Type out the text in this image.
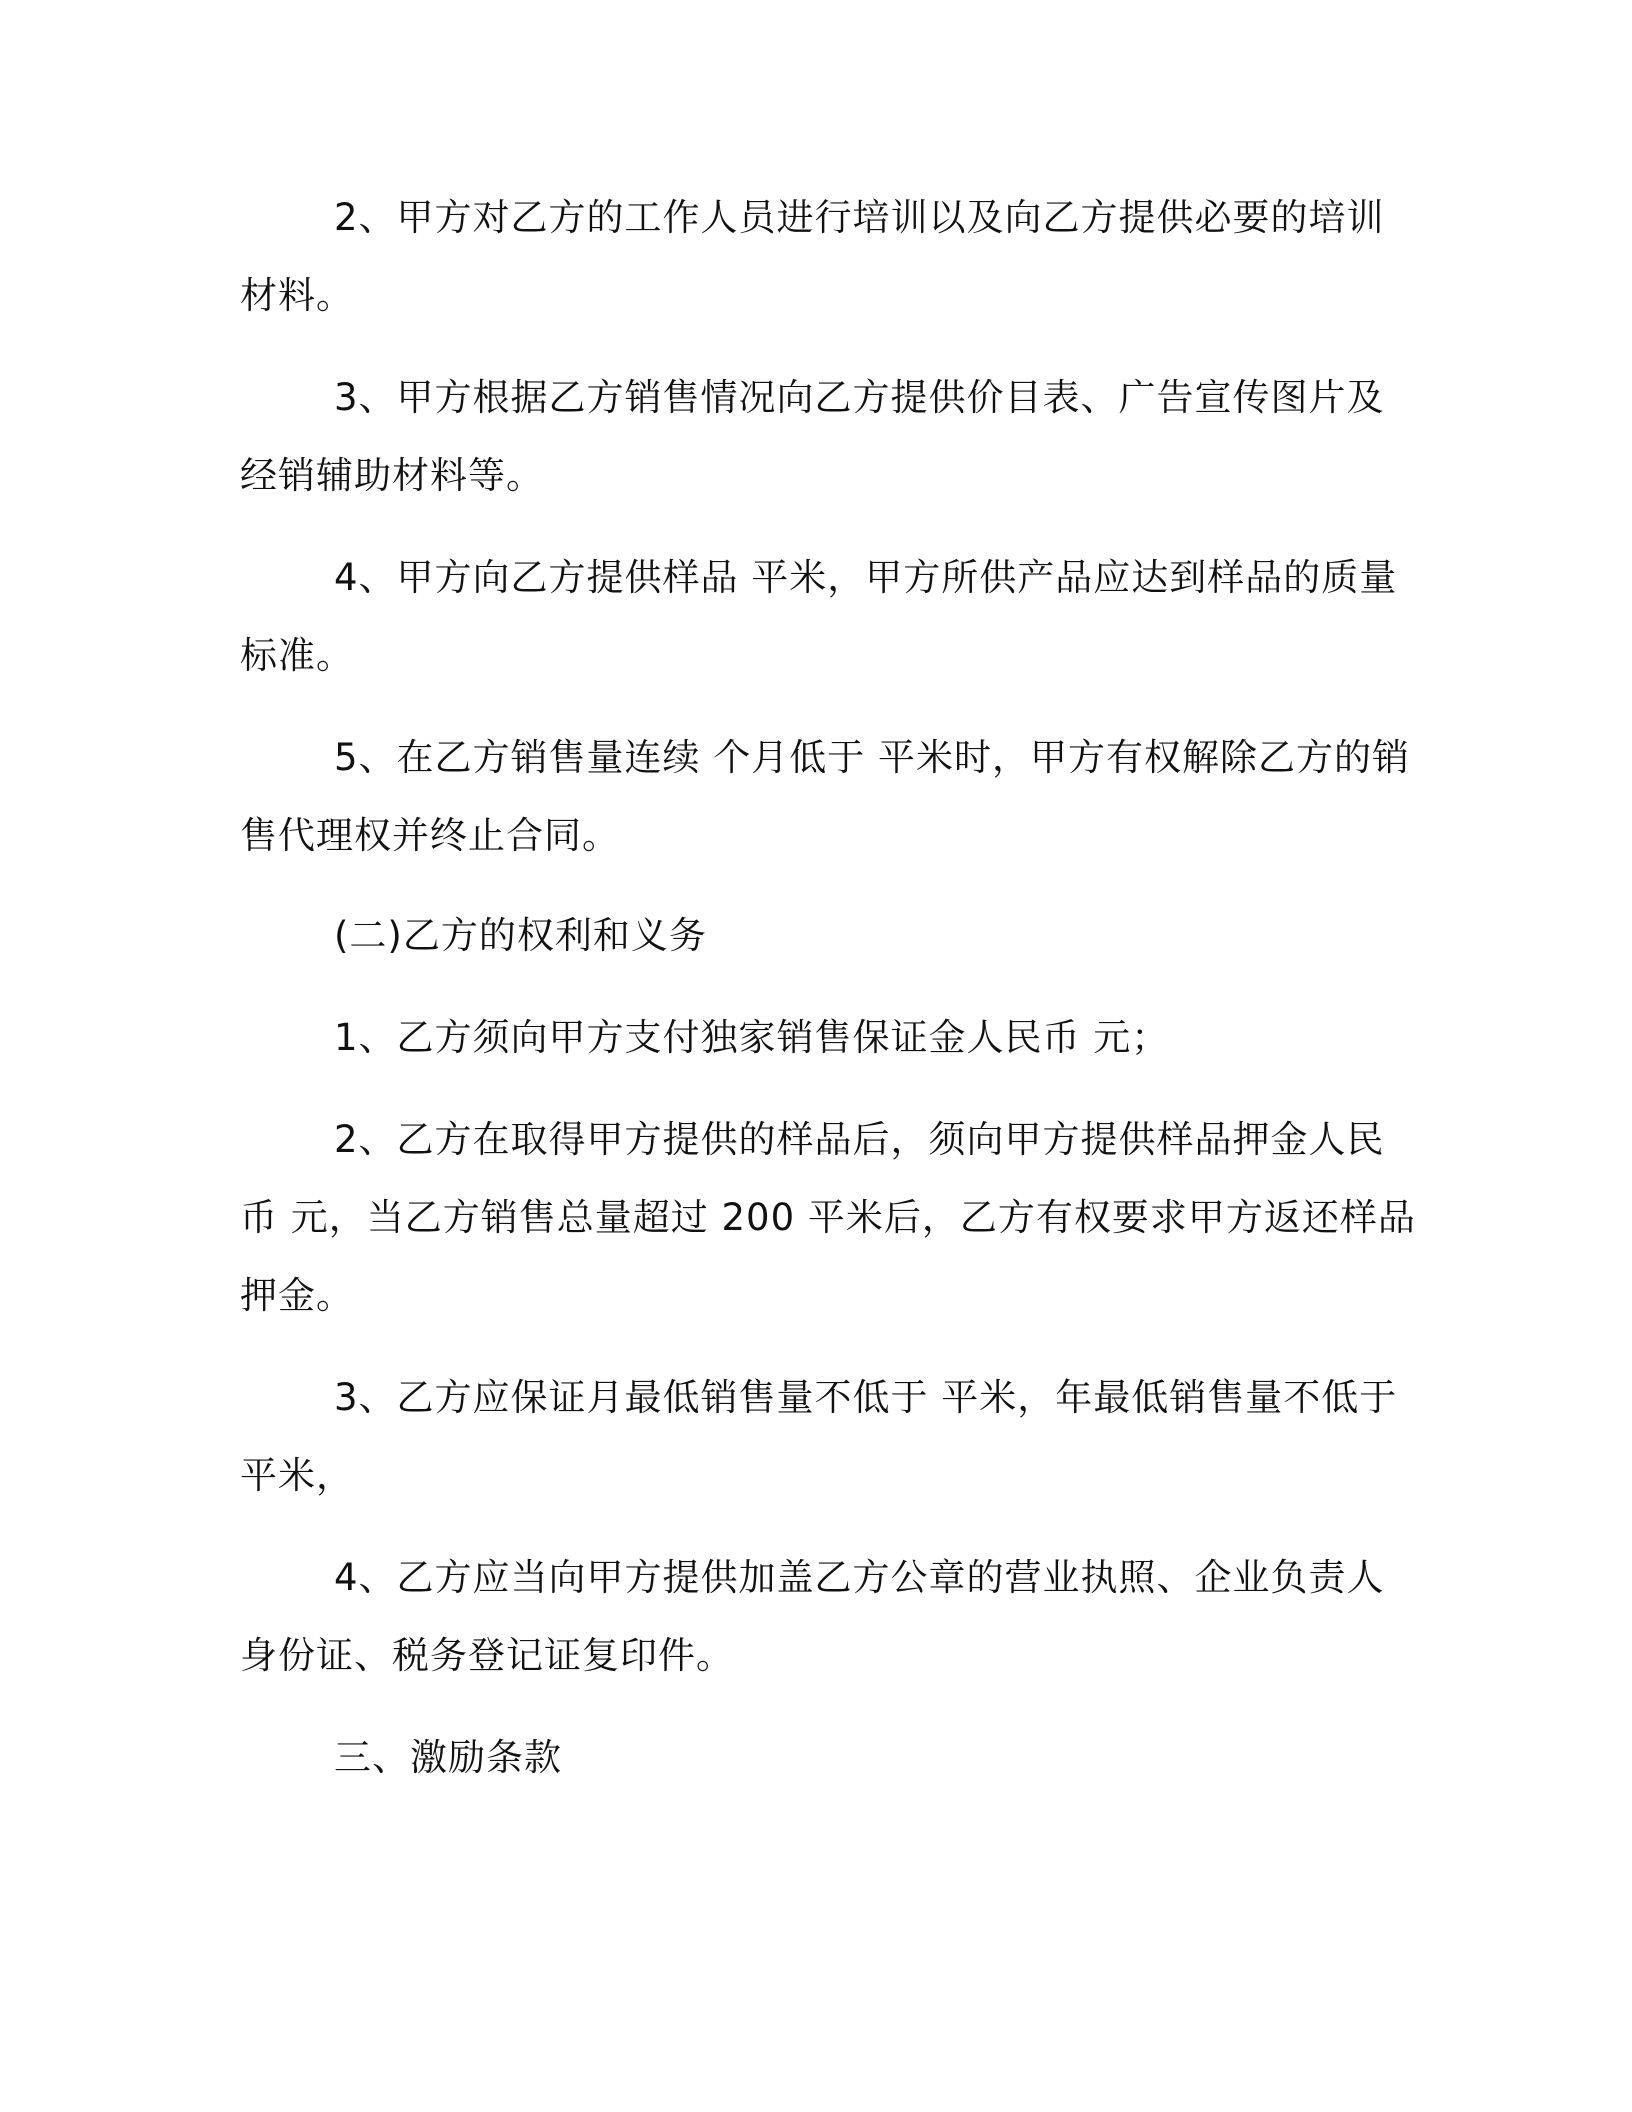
2、甲方对乙方的工作人员进行培训以及向乙方提供必要的培训

材料。

3、甲方根据乙方销售情况向乙方提供价目表、广告宣传图片及

经销辅助材料等。

4、甲方向乙方提供样品 平米，甲方所供产品应达到样品的质量

标准。

5、在乙方销售量连续 个月低于 平米时，甲方有权解除乙方的销

售代理权并终止合同。

(二)乙方的权利和义务

1、乙方须向甲方支付独家销售保证金人民币 元；

2、乙方在取得甲方提供的样品后，须向甲方提供样品押金人民

币 元，当乙方销售总量超过 200 平米后，乙方有权要求甲方返还样品

押金。

3、乙方应保证月最低销售量不低于 平米，年最低销售量不低于

平米，

4、乙方应当向甲方提供加盖乙方公章的营业执照、企业负责人

身份证、税务登记证复印件。

三、激励条款
